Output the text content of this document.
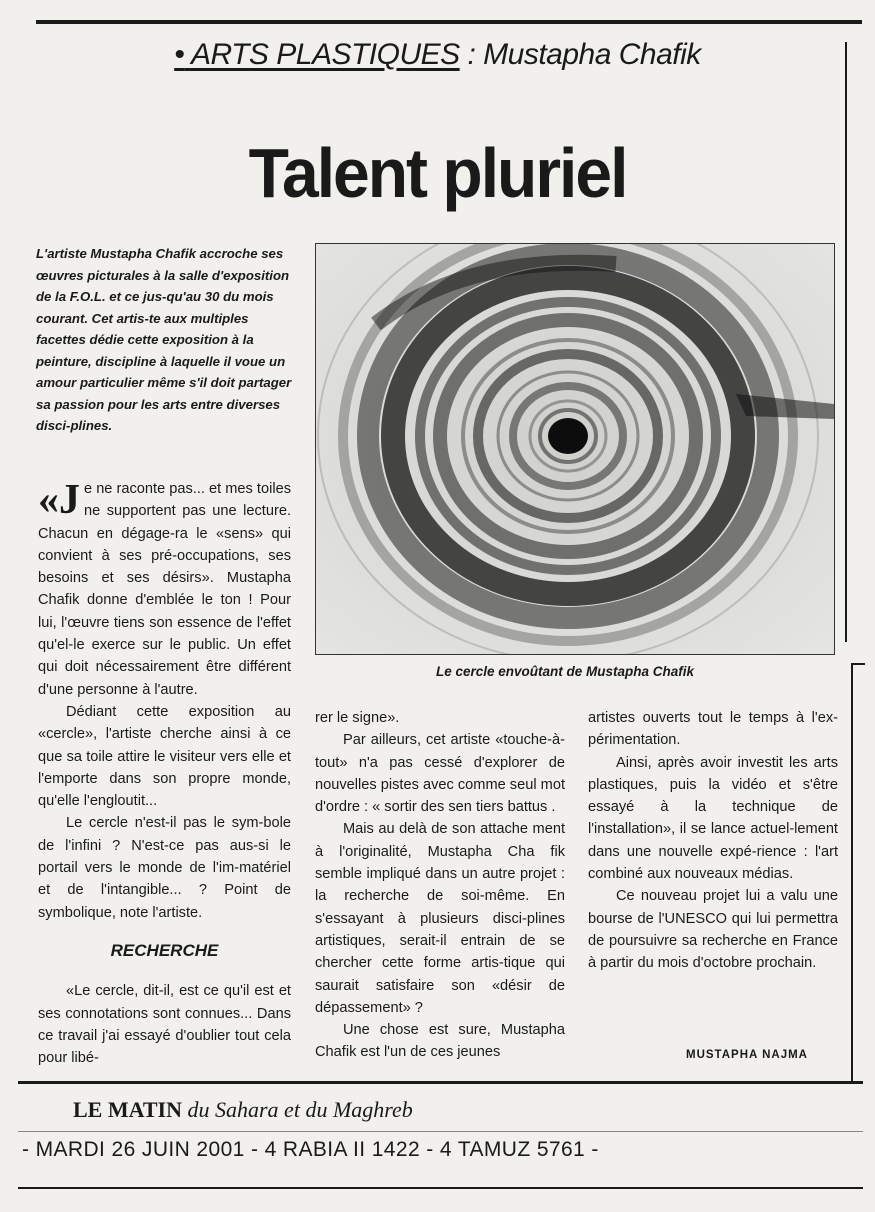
• ARTS PLASTIQUES : Mustapha Chafik
Talent pluriel
L'artiste Mustapha Chafik accroche ses œuvres picturales à la salle d'exposition de la F.O.L. et ce jus-qu'au 30 du mois courant. Cet artis-te aux multiples facettes dédie cette exposition à la peinture, discipline à laquelle il voue un amour particulier même s'il doit partager sa passion pour les arts entre diverses disci-plines.
Le cercle envoûtant de Mustapha Chafik

«Je ne raconte pas... et mes toiles ne supportent pas une lecture. Chacun en dégage-ra le «sens» qui convient à ses pré-occupations, ses besoins et ses désirs». Mustapha Chafik donne d'emblée le ton ! Pour lui, l'œuvre tiens son essence de l'effet qu'el-le exerce sur le public. Un effet qui doit nécessairement être différent d'une personne à l'autre.

Dédiant cette exposition au «cercle», l'artiste cherche ainsi à ce que sa toile attire le visiteur vers elle et l'emporte dans son propre monde, qu'elle l'engloutit...

Le cercle n'est-il pas le sym-bole de l'infini ? N'est-ce pas aus-si le portail vers le monde de l'im-matériel et de l'intangible... ? Point de symbolique, note l'artiste.

RECHERCHE

«Le cercle, dit-il, est ce qu'il est et ses connotations sont connues... Dans ce travail j'ai essayé d'oublier tout cela pour libé-

rer le signe».

Par ailleurs, cet artiste «touche-à-tout» n'a pas cessé d'explorer de nouvelles pistes avec comme seul mot d'ordre : « sortir des sen tiers battus .

Mais au delà de son attache ment à l'originalité, Mustapha Cha fik semble impliqué dans un autre projet : la recherche de soi-même. En s'essayant à plusieurs disci-plines artistiques, serait-il entrain de se chercher cette forme artis-tique qui saurait satisfaire son «désir de dépassement» ?

Une chose est sure, Mustapha Chafik est l'un de ces jeunes

artistes ouverts tout le temps à l'ex-périmentation.

Ainsi, après avoir investit les arts plastiques, puis la vidéo et s'être essayé à la technique de l'installation», il se lance actuel-lement dans une nouvelle expé-rience : l'art combiné aux nouveaux médias.

Ce nouveau projet lui a valu une bourse de l'UNESCO qui lui permettra de poursuivre sa recherche en France à partir du mois d'octobre prochain.

MUSTAPHA NAJMA
LE MATIN du Sahara et du Maghreb
- MARDI 26 JUIN 2001 - 4 RABIA II 1422 - 4 TAMUZ 5761 -
